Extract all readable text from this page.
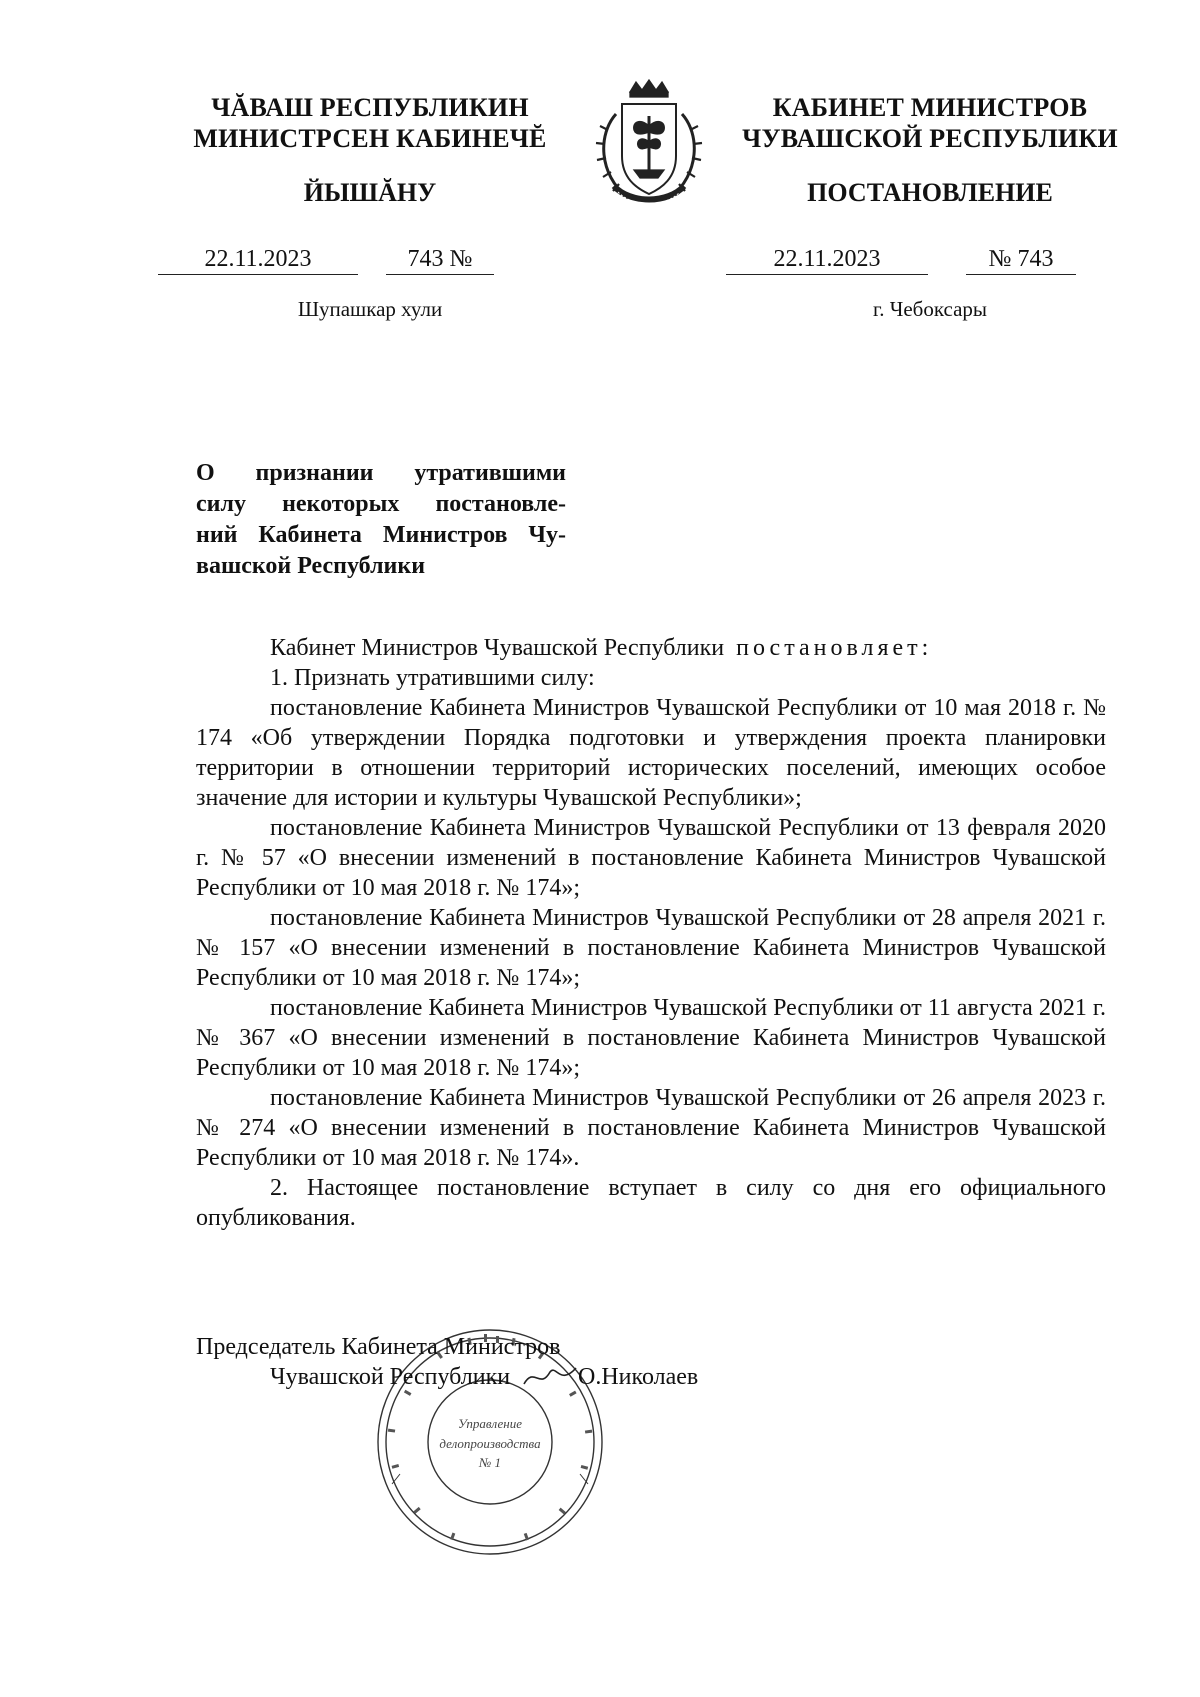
ЧĂВАШ РЕСПУБЛИКИН
МИНИСТРСЕН КАБИНЕЧĔ
ЙЫШĂНУ
КАБИНЕТ МИНИСТРОВ
ЧУВАШСКОЙ РЕСПУБЛИКИ
ПОСТАНОВЛЕНИЕ
22.11.2023	743 №	22.11.2023	№ 743
Шупашкар хули	г. Чебоксары
О признании утратившими
силу некоторых постановле-
ний Кабинета Министров Чу-
вашской Республики

Кабинет Министров Чувашской Республики постановляет:

1. Признать утратившими силу:

постановление Кабинета Министров Чувашской Республики от 10 мая 2018 г. № 174 «Об утверждении Порядка подготовки и утверждения проекта планировки территории в отношении территорий исторических поселений, имеющих особое значение для истории и культуры Чувашской Республики»;

постановление Кабинета Министров Чувашской Республики от 13 февраля 2020 г. № 57 «О внесении изменений в постановление Кабинета Министров Чувашской Республики от 10 мая 2018 г. № 174»;

постановление Кабинета Министров Чувашской Республики от 28 апреля 2021 г. № 157 «О внесении изменений в постановление Кабинета Министров Чувашской Республики от 10 мая 2018 г. № 174»;

постановление Кабинета Министров Чувашской Республики от 11 августа 2021 г. № 367 «О внесении изменений в постановление Кабинета Министров Чувашской Республики от 10 мая 2018 г. № 174»;

постановление Кабинета Министров Чувашской Республики от 26 апреля 2023 г. № 274 «О внесении изменений в постановление Кабинета Министров Чувашской Республики от 10 мая 2018 г. № 174».

2. Настоящее постановление вступает в силу со дня его официального опубликования.

Управление
делопроизводства
№ 1
Председатель Кабинета Министров
Чувашской Республики	О.Николаев
